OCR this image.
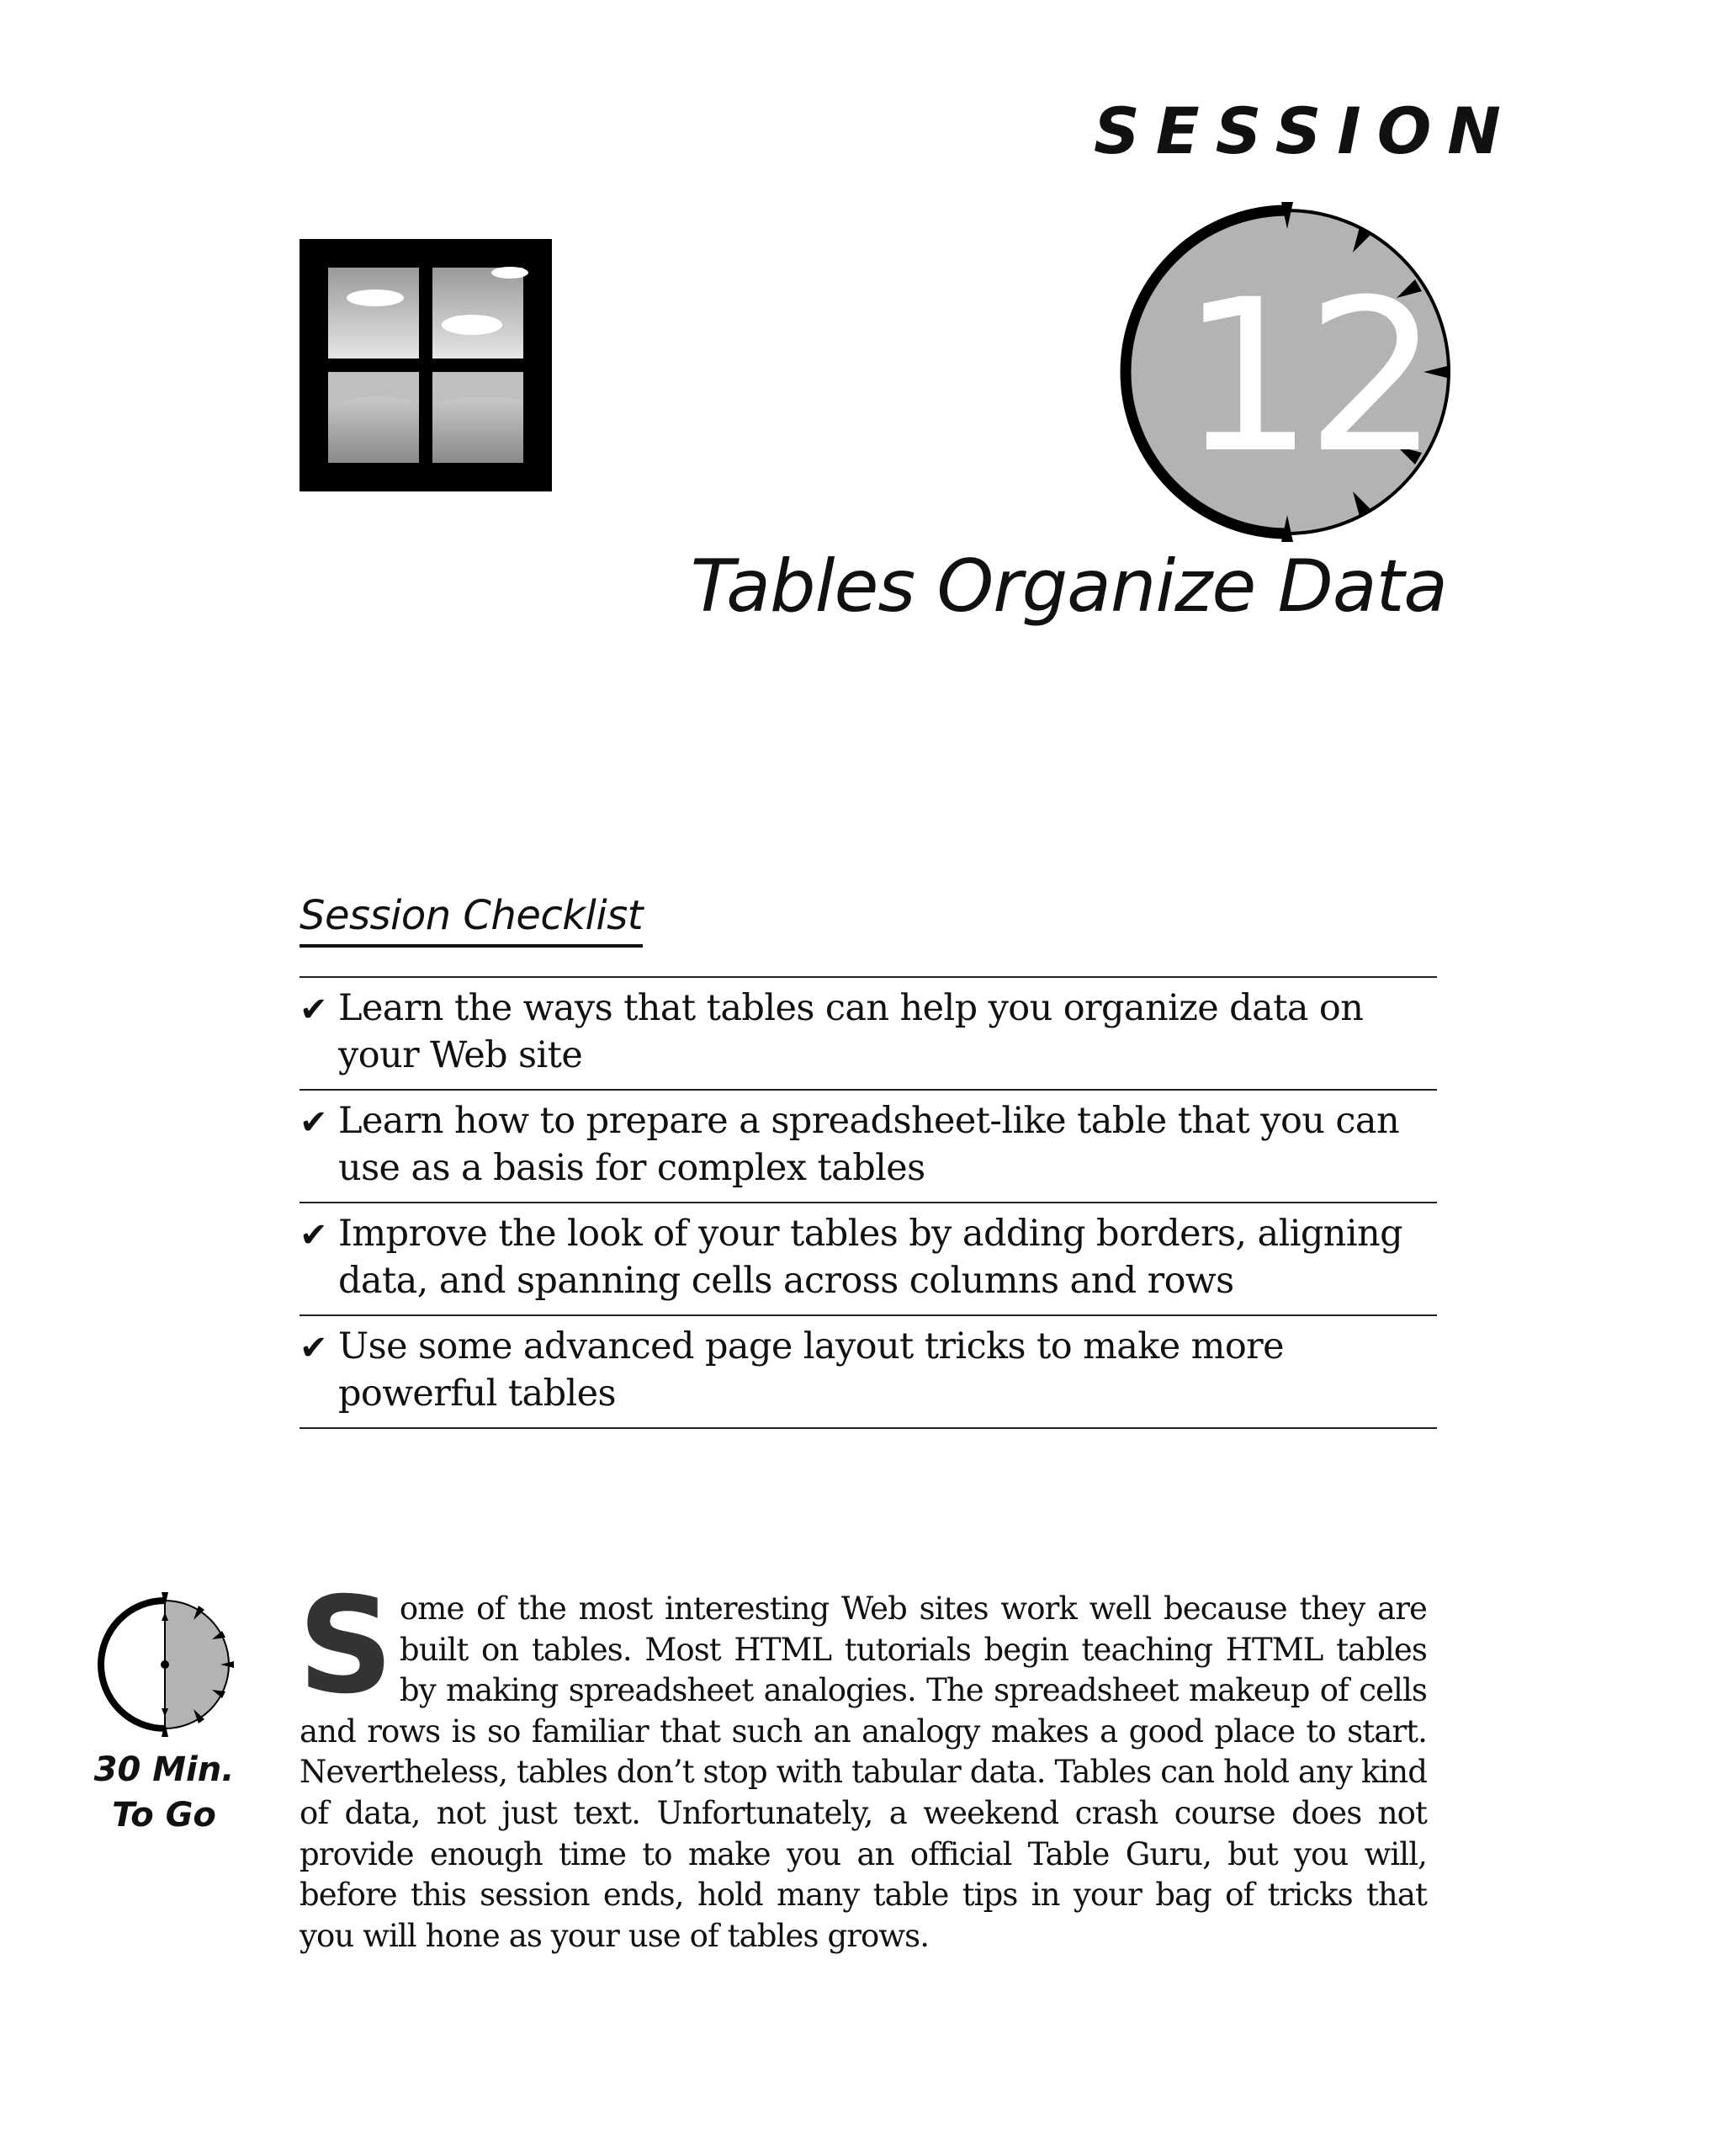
SESSION
12
Tables Organize Data
Session Checklist
✔ Learn the ways that tables can help you organize data on your Web site
✔ Learn how to prepare a spreadsheet-like table that you can use as a basis for complex tables
✔ Improve the look of your tables by adding borders, aligning data, and spanning cells across columns and rows
✔ Use some advanced page layout tricks to make more powerful tables
30 Min.
To Go
S ome of the most interesting Web sites work well because they are built on tables. Most HTML tutorials begin teaching HTML tables by making spreadsheet analogies. The spreadsheet makeup of cells and rows is so familiar that such an analogy makes a good place to start. Nevertheless, tables don’t stop with tabular data. Tables can hold any kind of data, not just text. Unfortunately, a weekend crash course does not provide enough time to make you an official Table Guru, but you will, before this session ends, hold many table tips in your bag of tricks that you will hone as your use of tables grows.
